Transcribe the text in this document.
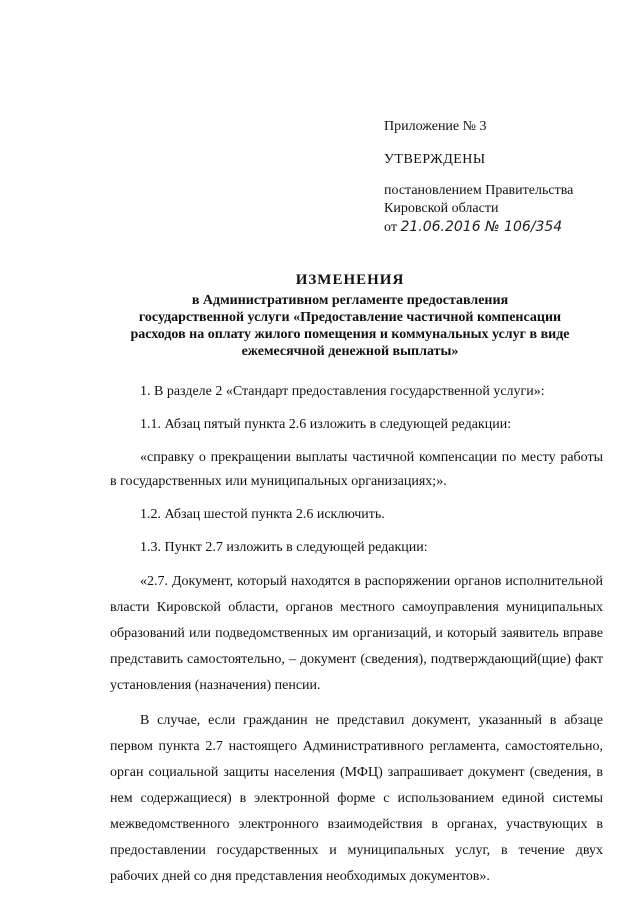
Приложение № 3
УТВЕРЖДЕНЫ
постановлением Правительства
Кировской области
от 21.06.2016 № 106/354
ИЗМЕНЕНИЯ
в Административном регламенте предоставления
государственной услуги «Предоставление частичной компенсации
расходов на оплату жилого помещения и коммунальных услуг в виде
ежемесячной денежной выплаты»

1. В разделе 2 «Стандарт предоставления государственной услуги»:

1.1. Абзац пятый пункта 2.6 изложить в следующей редакции:

«справку о прекращении выплаты частичной компенсации по месту работы в государственных или муниципальных организациях;».

1.2. Абзац шестой пункта 2.6 исключить.

1.3. Пункт 2.7 изложить в следующей редакции:

«2.7. Документ, который находятся в распоряжении органов исполнительной власти Кировской области, органов местного самоуправления муниципальных образований или подведомственных им организаций, и который заявитель вправе представить самостоятельно, – документ (сведения), подтверждающий(щие) факт установления (назначения) пенсии.

В случае, если гражданин не представил документ, указанный в абзаце первом пункта 2.7 настоящего Административного регламента, самостоятельно, орган социальной защиты населения (МФЦ) запрашивает документ (сведения, в нем содержащиеся) в электронной форме с использованием единой системы межведомственного электронного взаимодействия в органах, участвующих в предоставлении государственных и муниципальных услуг, в течение двух рабочих дней со дня представления необходимых документов».
